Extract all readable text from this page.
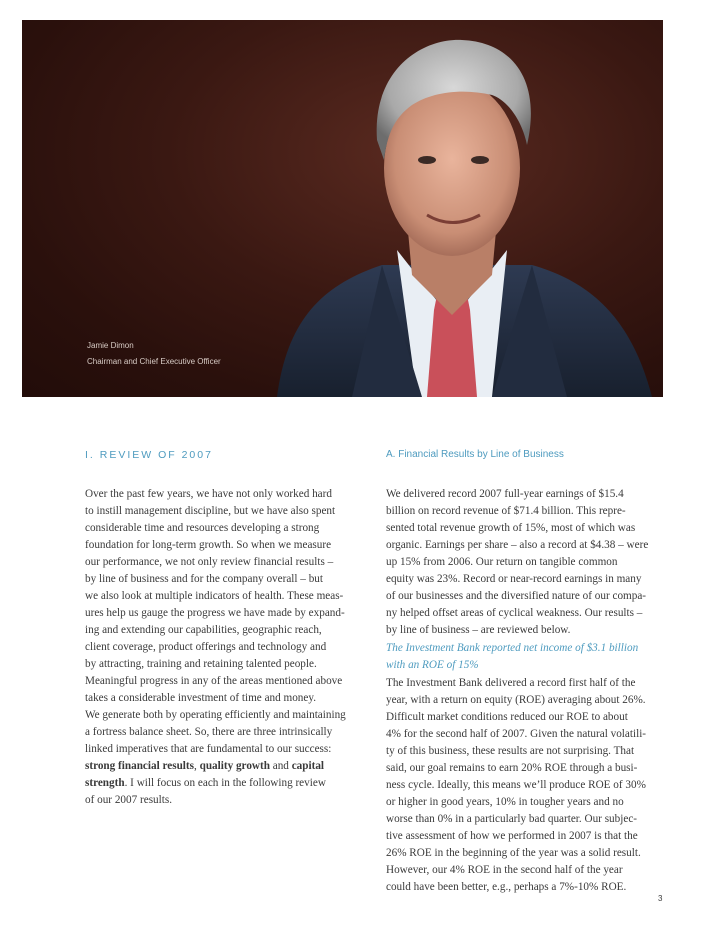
Jamie Dimon
Chairman and Chief Executive Officer
I. REVIEW OF 2007	A. Financial Results by Line of Business
Over the past few years, we have not only worked hard
to instill management discipline, but we have also spent
considerable time and resources developing a strong
foundation for long-term growth. So when we measure
our performance, we not only review financial results –
by line of business and for the company overall – but
we also look at multiple indicators of health. These meas-
ures help us gauge the progress we have made by expand-
ing and extending our capabilities, geographic reach,
client coverage, product offerings and technology and
by attracting, training and retaining talented people.
Meaningful progress in any of the areas mentioned above
takes a considerable investment of time and money.
We generate both by operating efficiently and maintaining
a fortress balance sheet. So, there are three intrinsically
linked imperatives that are fundamental to our success:
strong financial results, quality growth and capital
strength. I will focus on each in the following review
of our 2007 results.
We delivered record 2007 full-year earnings of $15.4
billion on record revenue of $71.4 billion. This repre-
sented total revenue growth of 15%, most of which was
organic. Earnings per share – also a record at $4.38 – were
up 15% from 2006. Our return on tangible common
equity was 23%. Record or near-record earnings in many
of our businesses and the diversified nature of our compa-
ny helped offset areas of cyclical weakness. Our results –
by line of business – are reviewed below.
The Investment Bank reported net income of $3.1 billion
with an ROE of 15%
The Investment Bank delivered a record first half of the
year, with a return on equity (ROE) averaging about 26%.
Difficult market conditions reduced our ROE to about
4% for the second half of 2007. Given the natural volatili-
ty of this business, these results are not surprising. That
said, our goal remains to earn 20% ROE through a busi-
ness cycle. Ideally, this means we’ll produce ROE of 30%
or higher in good years, 10% in tougher years and no
worse than 0% in a particularly bad quarter. Our subjec-
tive assessment of how we performed in 2007 is that the
26% ROE in the beginning of the year was a solid result.
However, our 4% ROE in the second half of the year
could have been better, e.g., perhaps a 7%-10% ROE.
3
